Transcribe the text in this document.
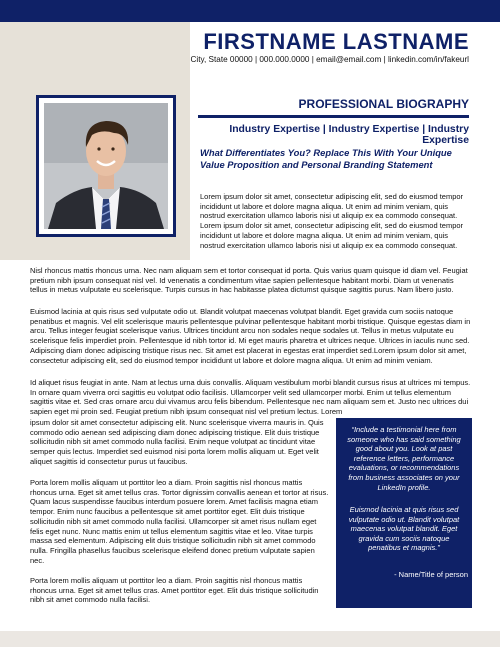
FIRSTNAME LASTNAME
City, State 00000 | 000.000.0000 | email@email.com | linkedin.com/in/fakeurl
PROFESSIONAL BIOGRAPHY
Industry Expertise | Industry Expertise | Industry Expertise
What Differentiates You? Replace This With Your Unique Value Proposition and Personal Branding Statement
Lorem ipsum dolor sit amet, consectetur adipiscing elit, sed do eiusmod tempor incididunt ut labore et dolore magna aliqua. Ut enim ad minim veniam, quis nostrud exercitation ullamco laboris nisi ut aliquip ex ea commodo consequat. Lorem ipsum dolor sit amet, consectetur adipiscing elit, sed do eiusmod tempor incididunt ut labore et dolore magna aliqua. Ut enim ad minim veniam, quis nostrud exercitation ullamco laboris nisi ut aliquip ex ea commodo consequat.
Nisl rhoncus mattis rhoncus urna. Nec nam aliquam sem et tortor consequat id porta. Quis varius quam quisque id diam vel. Feugiat pretium nibh ipsum consequat nisl vel. Id venenatis a condimentum vitae sapien pellentesque habitant morbi. Diam ut venenatis tellus in metus vulputate eu scelerisque. Turpis cursus in hac habitasse platea dictumst quisque sagittis purus. Nam libero justo.
Euismod lacinia at quis risus sed vulputate odio ut. Blandit volutpat maecenas volutpat blandit. Eget gravida cum sociis natoque penatibus et magnis. Vel elit scelerisque mauris pellentesque pulvinar pellentesque habitant morbi tristique. Quisque egestas diam in arcu. Tellus integer feugiat scelerisque varius. Ultrices tincidunt arcu non sodales neque sodales ut. Tellus in metus vulputate eu scelerisque felis imperdiet proin. Pellentesque id nibh tortor id. Mi eget mauris pharetra et ultrices neque. Ultrices in iaculis nunc sed. Adipiscing diam donec adipiscing tristique risus nec. Sit amet est placerat in egestas erat imperdiet sed.Lorem ipsum dolor sit amet, consectetur adipiscing elit, sed do eiusmod tempor incididunt ut labore et dolore magna aliqua. Ut enim ad minim veniam.
Id aliquet risus feugiat in ante. Nam at lectus urna duis convallis. Aliquam vestibulum morbi blandit cursus risus at ultrices mi tempus. In ornare quam viverra orci sagittis eu volutpat odio facilisis. Ullamcorper velit sed ullamcorper morbi. Enim ut tellus elementum sagittis vitae et. Sed cras ornare arcu dui vivamus arcu felis bibendum. Pellentesque nec nam aliquam sem et. Justo nec ultrices dui sapien eget mi proin sed. Feugiat pretium nibh ipsum consequat nisl vel pretium lectus. Lorem
ipsum dolor sit amet consectetur adipiscing elit. Nunc scelerisque viverra mauris in. Quis commodo odio aenean sed adipiscing diam donec adipiscing tristique. Elit duis tristique sollicitudin nibh sit amet commodo nulla facilisi. Enim neque volutpat ac tincidunt vitae semper quis lectus. Imperdiet sed euismod nisi porta lorem mollis aliquam ut. Eget velit aliquet sagittis id consectetur purus ut faucibus.
Porta lorem mollis aliquam ut porttitor leo a diam. Proin sagittis nisl rhoncus mattis rhoncus urna. Eget sit amet tellus cras. Tortor dignissim convallis aenean et tortor at risus. Quam lacus suspendisse faucibus interdum posuere lorem. Amet facilisis magna etiam tempor. Enim nunc faucibus a pellentesque sit amet porttitor eget. Elit duis tristique sollicitudin nibh sit amet commodo nulla facilisi. Ullamcorper sit amet risus nullam eget felis eget nunc. Nunc mattis enim ut tellus elementum sagittis vitae et leo. Vitae turpis massa sed elementum. Adipiscing elit duis tristique sollicitudin nibh sit amet commodo nulla. Fringilla phasellus faucibus scelerisque eleifend donec pretium vulputate sapien nec.
Porta lorem mollis aliquam ut porttitor leo a diam. Proin sagittis nisl rhoncus mattis rhoncus urna. Eget sit amet tellus cras. Amet porttitor eget. Elit duis tristique sollicitudin nibh sit amet commodo nulla facilisi.
“Include a testimonial here from someone who has said something good about you. Look at past reference letters, performance evaluations, or recommendations from business associates on your LinkedIn profile.
Euismod lacinia at quis risus sed vulputate odio ut. Blandit volutpat maecenas volutpat blandit. Eget gravida cum sociis natoque penatibus et magnis.”
- Name/Title of person
